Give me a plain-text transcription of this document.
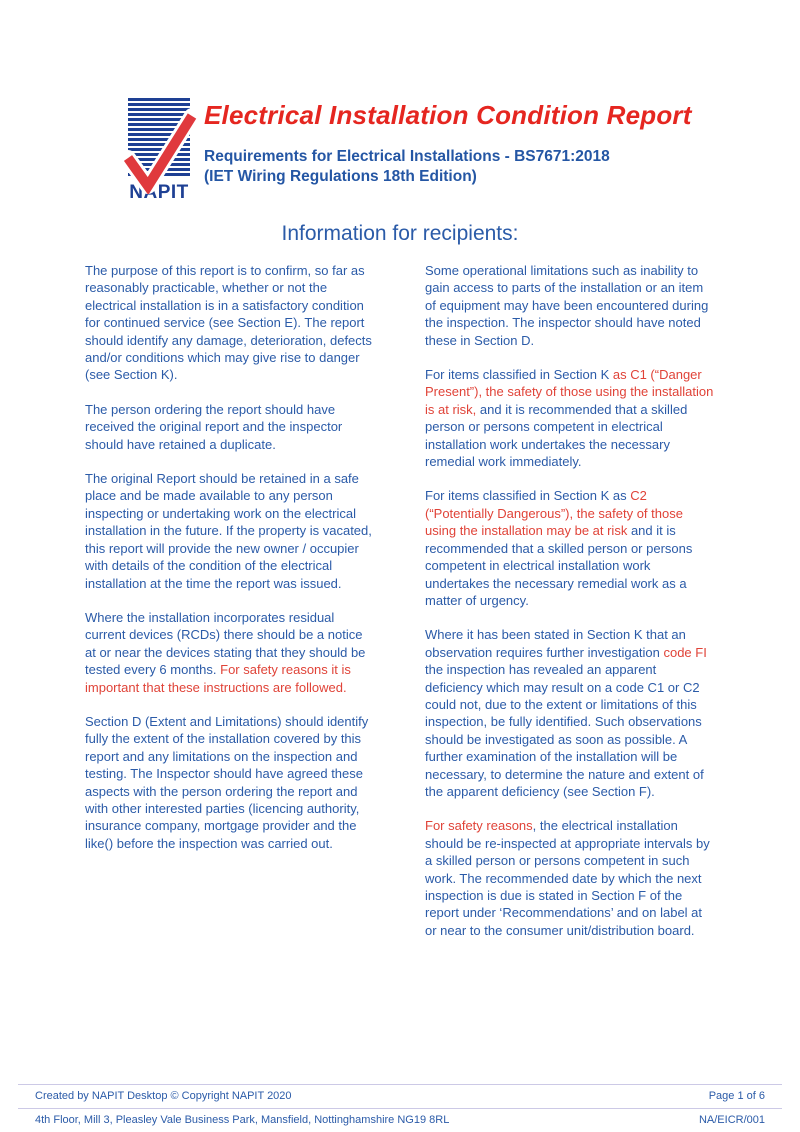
NAPIT
Electrical Installation Condition Report
Requirements for Electrical Installations - BS7671:2018
(IET Wiring Regulations 18th Edition)
Information for recipients:

The purpose of this report is to confirm, so far as reasonably practicable, whether or not the electrical installation is in a satisfactory condition for continued service (see Section E). The report should identify any damage, deterioration, defects and/or conditions which may give rise to danger (see Section K).

The person ordering the report should have received the original report and the inspector should have retained a duplicate.

The original Report should be retained in a safe place and be made available to any person inspecting or undertaking work on the electrical installation in the future. If the property is vacated, this report will provide the new owner / occupier with details of the condition of the electrical installation at the time the report was issued.

Where the installation incorporates residual current devices (RCDs) there should be a notice at or near the devices stating that they should be tested every 6 months. For safety reasons it is important that these instructions are followed.

Section D (Extent and Limitations) should identify fully the extent of the installation covered by this report and any limitations on the inspection and testing. The Inspector should have agreed these aspects with the person ordering the report and with other interested parties (licencing authority, insurance company, mortgage provider and the like() before the inspection was carried out.

Some operational limitations such as inability to gain access to parts of the installation or an item of equipment may have been encountered during the inspection. The inspector should have noted these in Section D.

For items classified in Section K as C1 (“Danger Present”), the safety of those using the installation is at risk, and it is recommended that a skilled person or persons competent in electrical installation work undertakes the necessary remedial work immediately.

For items classified in Section K as C2 (“Potentially Dangerous”), the safety of those using the installation may be at risk and it is recommended that a skilled person or persons competent in electrical installation work undertakes the necessary remedial work as a matter of urgency.

Where it has been stated in Section K that an observation requires further investigation code FI the inspection has revealed an apparent deficiency which may result on a code C1 or C2 could not, due to the extent or limitations of this inspection, be fully identified. Such observations should be investigated as soon as possible. A further examination of the installation will be necessary, to determine the nature and extent of the apparent deficiency (see Section F).

For safety reasons, the electrical installation should be re-inspected at appropriate intervals by a skilled person or persons competent in such work. The recommended date by which the next inspection is due is stated in Section F of the report under ‘Recommendations’ and on label at or near to the consumer unit/distribution board.

Created by NAPIT Desktop © Copyright NAPIT 2020	Page 1 of 6
4th Floor, Mill 3, Pleasley Vale Business Park, Mansfield, Nottinghamshire NG19 8RL	NA/EICR/001
